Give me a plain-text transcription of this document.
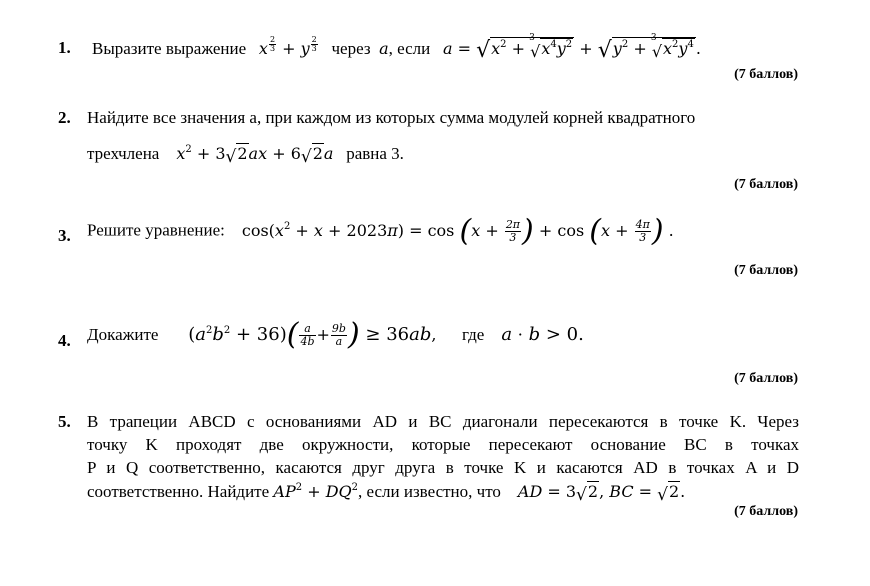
1. Выразите выражение x $^{\frac{2}{3}}$ + y $^{\frac{2}{3}}$ через a, если $a = √x^2$ +
3
$√x^4y^2 + √y^2$ +
3
$√x^2y^4$ .
(7 баллов)
2. Найдите все значения a, при каждом из которых сумма модулей корней квадратного
трехчлена $x^2 + 3√2ax + 6√2a$ равна 3.
(7 баллов)
3. Решите уравнение: $\cos(x^2 + x + 2023\pi) = \cos (x + \frac{2\pi}{3}$ ) + $\cos (x + \frac{4\pi}{3}$ ) .
(7 баллов)
4. Докажите $(a^2b^2 + 36)( \frac{a}{4b} + \frac{9b}{a}$ ) ≥ 36ab, где a · b > 0.
(7 баллов)
5. В трапеции ABCD с основаниями AD и BC диагонали пересекаются в точке K. Через
точку K проходят две окружности, которые пересекают основание BC в точках
P и Q соответственно, касаются друг друга в точке K и касаются AD в точках A и D
соответственно. Найдите $AP^2 + DQ^2$, если известно, что AD = 3√2, BC = √2.
(7 баллов)
